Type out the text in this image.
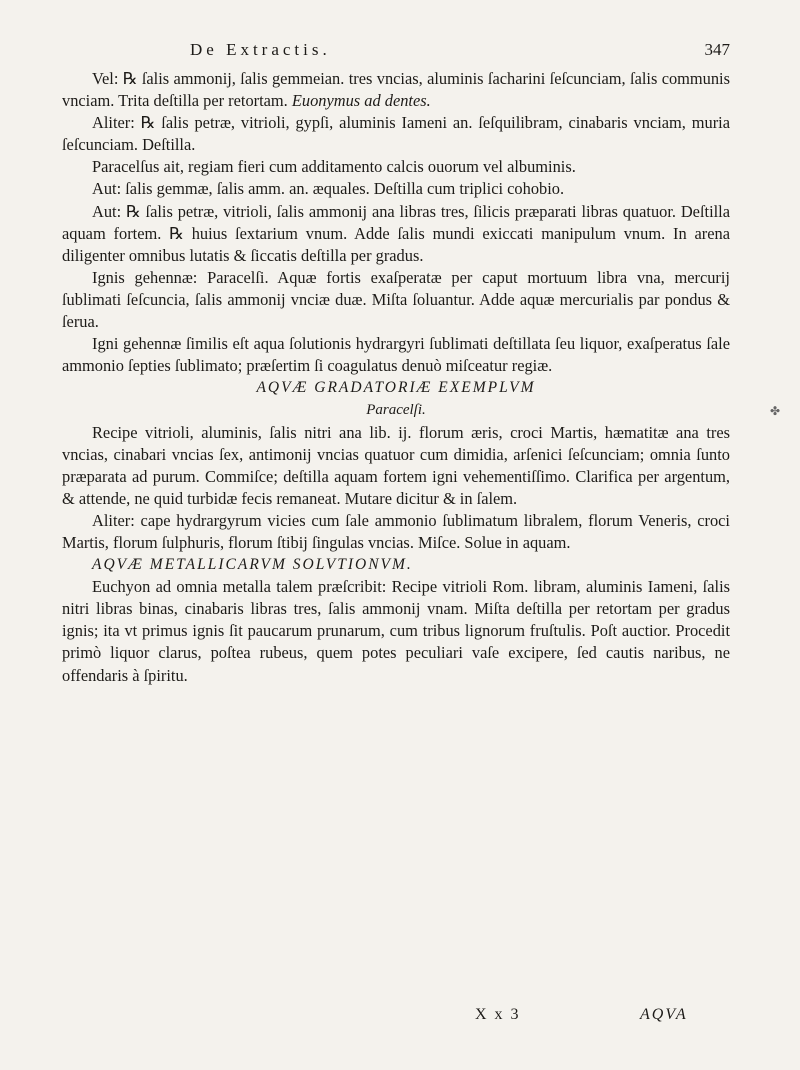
De Extractis.	347

Vel: ℞ ſalis ammonij, ſalis gemmeian. tres vncias, aluminis ſacharini ſeſcunciam, ſalis communis vnciam. Trita deſtilla per retortam. Euonymus ad dentes.

Aliter: ℞ ſalis petræ, vitrioli, gypſi, aluminis Iameni an. ſeſquilibram, cinabaris vnciam, muria ſeſcunciam. Deſtilla.

Paracelſus ait, regiam fieri cum additamento calcis ouorum vel albuminis.

Aut: ſalis gemmæ, ſalis amm. an. æquales. Deſtilla cum triplici cohobio.

Aut: ℞ ſalis petræ, vitrioli, ſalis ammonij ana libras tres, ſilicis præparati libras quatuor. Deſtilla aquam fortem. ℞ huius ſextarium vnum. Adde ſalis mundi exiccati manipulum vnum. In arena diligenter omnibus lutatis & ſiccatis deſtilla per gradus.

Ignis gehennæ: Paracelſi. Aquæ fortis exaſperatæ per caput mortuum libra vna, mercurij ſublimati ſeſcuncia, ſalis ammonij vnciæ duæ. Miſta ſoluantur. Adde aquæ mercurialis par pondus & ſerua.

Igni gehennæ ſimilis eſt aqua ſolutionis hydrargyri ſublimati deſtillata ſeu liquor, exaſperatus ſale ammonio ſepties ſublimato; præſertim ſi coagulatus denuò miſceatur regiæ.

AQVÆ GRADATORIÆ EXEMPLVM

Paracelſi.

Recipe vitrioli, aluminis, ſalis nitri ana lib. ij. florum æris, croci Martis, hæmatitæ ana tres vncias, cinabari vncias ſex, antimonij vncias quatuor cum dimidia, arſenici ſeſcunciam; omnia ſunto præparata ad purum. Commiſce; deſtilla aquam fortem igni vehementiſſimo. Clarifica per argentum, & attende, ne quid turbidæ fecis remaneat. Mutare dicitur & in ſalem.

Aliter: cape hydrargyrum vicies cum ſale ammonio ſublimatum libralem, florum Veneris, croci Martis, florum ſulphuris, florum ſtibij ſingulas vncias. Miſce. Solue in aquam.

AQVÆ METALLICARVM SOLVTIONVM.

Euchyon ad omnia metalla talem præſcribit: Recipe vitrioli Rom. libram, aluminis Iameni, ſalis nitri libras binas, cinabaris libras tres, ſalis ammonij vnam. Miſta deſtilla per retortam per gradus ignis; ita vt primus ignis ſit paucarum prunarum, cum tribus lignorum fruſtulis. Poſt auctior. Procedit primò liquor clarus, poſtea rubeus, quem potes peculiari vaſe excipere, ſed cautis naribus, ne offendaris à ſpiritu.

✤
X x 3	AQVA
